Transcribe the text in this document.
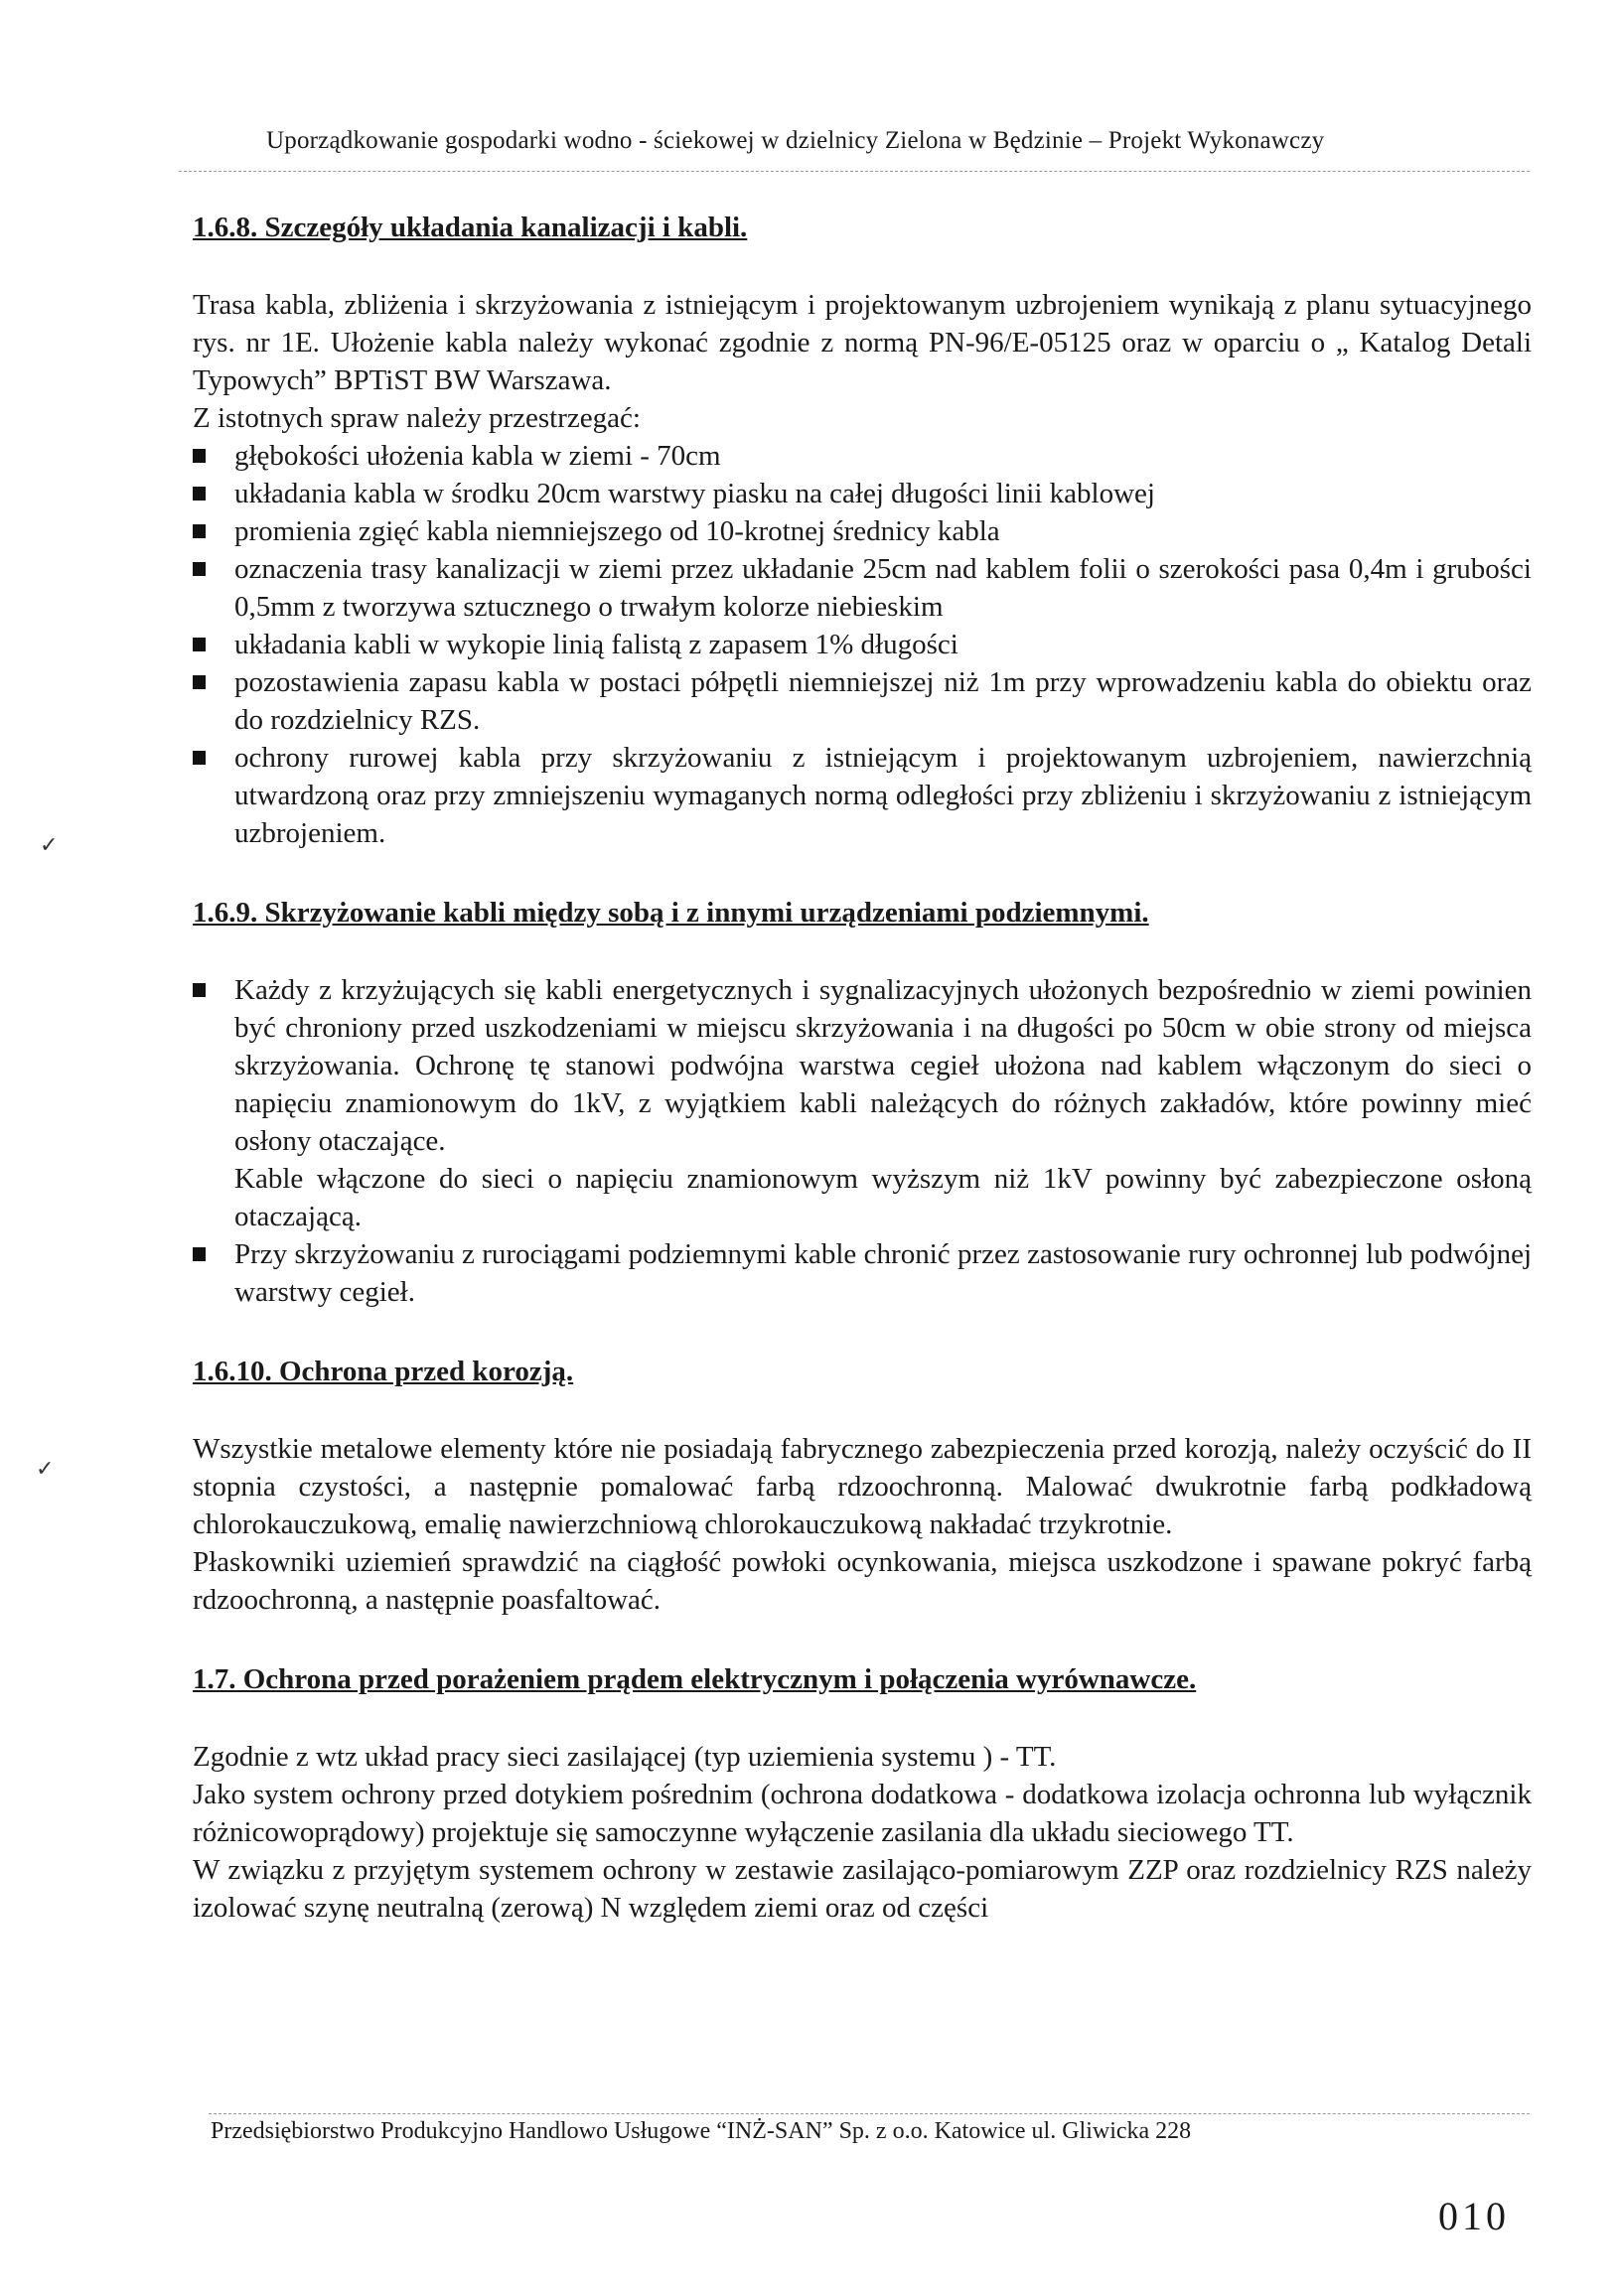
Uporządkowanie gospodarki wodno - ściekowej w dzielnicy Zielona w Będzinie – Projekt Wykonawczy
1.6.8. Szczegóły układania kanalizacji i kabli.

Trasa kabla, zbliżenia i skrzyżowania z istniejącym i projektowanym uzbrojeniem wynikają z planu sytuacyjnego rys. nr 1E. Ułożenie kabla należy wykonać zgodnie z normą PN-96/E-05125 oraz w oparciu o „ Katalog Detali Typowych” BPTiST BW Warszawa.

Z istotnych spraw należy przestrzegać:

głębokości ułożenia kabla w ziemi - 70cm
układania kabla w środku 20cm warstwy piasku na całej długości linii kablowej
promienia zgięć kabla niemniejszego od 10-krotnej średnicy kabla
oznaczenia trasy kanalizacji w ziemi przez układanie 25cm nad kablem folii o szerokości pasa 0,4m i grubości 0,5mm z tworzywa sztucznego o trwałym kolorze niebieskim
układania kabli w wykopie linią falistą z zapasem 1% długości
pozostawienia zapasu kabla w postaci półpętli niemniejszej niż 1m przy wprowadzeniu kabla do obiektu oraz do rozdzielnicy RZS.
ochrony rurowej kabla przy skrzyżowaniu z istniejącym i projektowanym uzbrojeniem, nawierzchnią utwardzoną oraz przy zmniejszeniu wymaganych normą odległości przy zbliżeniu i skrzyżowaniu z istniejącym uzbrojeniem.
1.6.9. Skrzyżowanie kabli między sobą i z innymi urządzeniami podziemnymi.
Każdy z krzyżujących się kabli energetycznych i sygnalizacyjnych ułożonych bezpośrednio w ziemi powinien być chroniony przed uszkodzeniami w miejscu skrzyżowania i na długości po 50cm w obie strony od miejsca skrzyżowania. Ochronę tę stanowi podwójna warstwa cegieł ułożona nad kablem włączonym do sieci o napięciu znamionowym do 1kV, z wyjątkiem kabli należących do różnych zakładów, które powinny mieć osłony otaczające.

Kable włączone do sieci o napięciu znamionowym wyższym niż 1kV powinny być zabezpieczone osłoną otaczającą.

Przy skrzyżowaniu z rurociągami podziemnymi kable chronić przez zastosowanie rury ochronnej lub podwójnej warstwy cegieł.
1.6.10. Ochrona przed korozją.

Wszystkie metalowe elementy które nie posiadają fabrycznego zabezpieczenia przed korozją, należy oczyścić do II stopnia czystości, a następnie pomalować farbą rdzoochronną. Malować dwukrotnie farbą podkładową chlorokauczukową, emalię nawierzchniową chlorokauczukową nakładać trzykrotnie.

Płaskowniki uziemień sprawdzić na ciągłość powłoki ocynkowania, miejsca uszkodzone i spawane pokryć farbą rdzoochronną, a następnie poasfaltować.

1.7. Ochrona przed porażeniem prądem elektrycznym i połączenia wyrównawcze.

Zgodnie z wtz układ pracy sieci zasilającej (typ uziemienia systemu ) - TT.

Jako system ochrony przed dotykiem pośrednim (ochrona dodatkowa - dodatkowa izolacja ochronna lub wyłącznik różnicowoprądowy) projektuje się samoczynne wyłączenie zasilania dla układu sieciowego TT.

W związku z przyjętym systemem ochrony w zestawie zasilająco-pomiarowym ZZP oraz rozdzielnicy RZS należy izolować szynę neutralną (zerową) N względem ziemi oraz od części

Przedsiębiorstwo Produkcyjno Handlowo Usługowe “INŻ-SAN” Sp. z o.o. Katowice ul. Gliwicka 228
010
✓
✓
